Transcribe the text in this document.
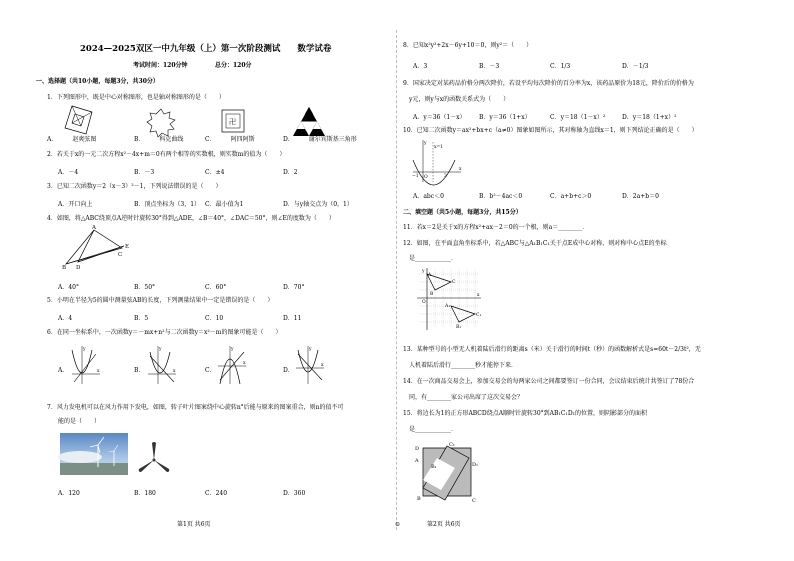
2024—2025双区一中九年级（上）第一次阶段测试　　数学试卷
考试时间：120分钟	总分：120分
一、选择题（共10小题，每题3分，共30分）
1．下列图形中，既是中心对称图形，也是轴对称图形的是（　　）
卍
A．　　　赵爽弦图	B．　　　科克曲线	C．　　　阿四阿斯	D．　　　谢尔宾斯基三角形
2．若关于x的一元二次方程x²－4x+m＝0有两个相等的实数根，则实数m的值为（　　）
A．－4	B．－3	C．±4	D．2
3．已知二次函数y＝2（x－3）²－1，下列说法错误的是（　　）
A．开口向上	B．顶点坐标为（3，1） C．最小值为1	D．与y轴交点为（0，1）
4．如图，将△ABC绕顶点A逆时针旋转30°得到△ADE，∠B＝40°，∠DAC＝50°，则∠E的度数为（　　）
A
D
E
B
C
A．40°	B．50°	C．60°	D．70°
5．小明在半径为5的圆中测量弦AB的长度，下列测量结果中一定是错误的是（　　）
A．4	B．5	C．10	D．11
6．在同一坐标系中，一次函数y＝－mx+n²与二次函数y＝x²－m的图象可能是（　　）
A．
y
x	B．
y
x	C．
y
x
D．
y
x
7．风力发电机可以在风力作用下发电，如图，转子叶片图案绕中心旋转n°后能与原来的图案重合，则n的值不可
能的是（　　）
A．120	B．180	C．240	D．360
第1页 共6页	⊙
8．已知x²y²+2x－6y+10＝0，则y²＝（　　）
A．3	B．－3	C．1/3	D．－1/3
9．国家决定对某药品价格分两次降价，若设平均每次降价的百分率为x，该药品原价为18元，降价后的价格为
y元，则y与x的函数关系式为（　　）
A．y＝36（1－x） B．y＝36（1+x）	C．y＝18（1－x）²	D．y＝18（1+x）²
10．已知二次函数y＝ax²+bx+c（a≠0）图象如图所示，其对称轴为直线x＝1，则下列结论正确的是（　　）
y
x
O
−1
x=1
3
A．abc＜0	B．b²－4ac＜0	C．a+b+c＞0	D．2a+b＝0
二、填空题（共5小题，每题3分，共15分）
11．若x＝2是关于x的方程x²+ax－2＝0的一个根，则a＝________．
12．如图，在平面直角坐标系中，若△ABC与△A₁B₁C₁关于点E成中心对称，则对称中心点E的坐标
是____________．
y
x
O
A
B
C
A₁
B₁
C₁
13．某种型号的小型无人机着陆后滑行的距离s（米）关于滑行的时间t（秒）的函数解析式是s=60t－2/3t²，无
人机着陆后滑行________秒才能停下来．
14．在一次商品交易会上，参加交易会的每两家公司之间都要签订一份合同，会议结束后统计共签订了78份合
同，有________家公司出席了这次交易会？
15．将边长为1的正方形ABCD绕点A顺时针旋转30°到AB₁C₁D₁的位置，则阴影部分的面积
是____________．
A
B	C
D
B₁
C₁
D₁
第2页 共6页
